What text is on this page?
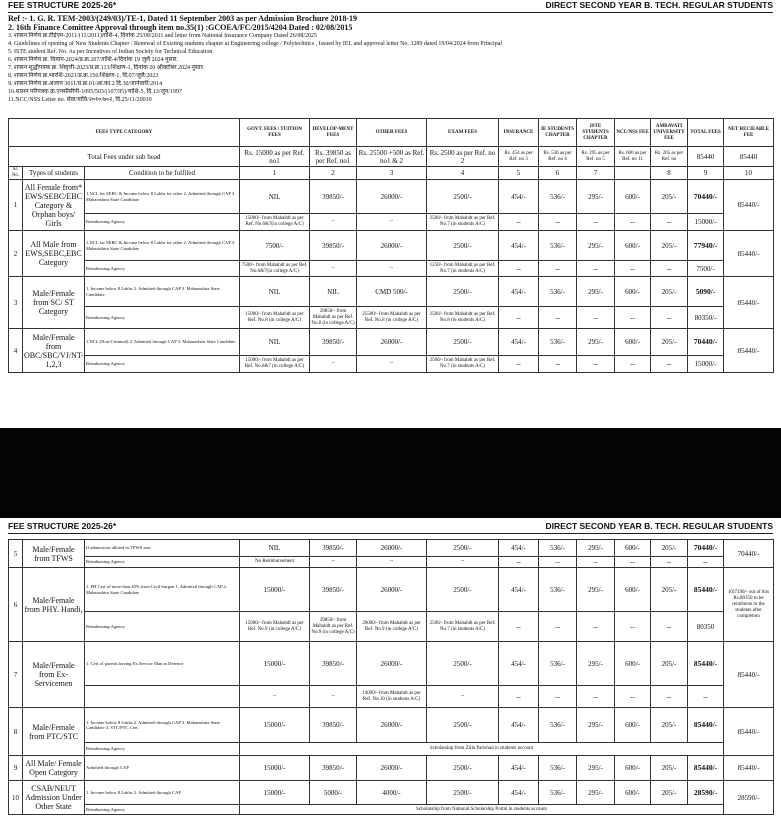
FEE STRUCTURE 2025-26*	DIRECT SECOND YEAR B. TECH. REGULAR STUDENTS
Ref :- 1. G. R. TEM-2003/(249/03)/TE-1, Dated 11 September 2003 as per Admission Brochure 2018-19
2. 16th Finance Comittee Approval through item no.35(1) :GCOEA/FC/2015/4204 Dated : 02/08/2015
3. शासन निर्णय क्र.टीईएम-2011/(11/2011)तांशि-4, दिनांक 25/08/2011 and letter from National Insurance Company Dated 26/08/2025
4. Guidelines of opening of New Students Chapter / Renewal of Existing students chapter at Engineering college / Polytechnics , Issued by IEI. and approval letter No. 3289 dated 19/04/2024 from Principal
5. ISTE student Ref. No. As per Incentives of Indian Society for Technical Education.
6. शासन निर्णय क्र. विमाग-2024/प्र.क्र.207/तांशि-4/दिनांक 19 जुलै 2024 नुसार.
7. शासन शुद्धीपत्रक क्र. शिवृत्ती-2023/प्र.क्र.113/शिक्षण-1, दिनांक 20 ऑक्टोबर 2024 नुसार.
8. शासन निर्णय क्र.भारशि-2021/प्र.क्र.156/शिक्षण-1, दि.07/जुलै/2023
9. शासन निर्णय क्र.अजाप 3011/प्र.क्र.01/आ.का.2 दि.30/जानेवारी/2014
10.शासन परिपत्रक क्र.एनसीसीपी-1095/503/(107/95)/यांशि-5, दि.13/जून/1997
11.NCC/NSS Letter no. सेवा/यांवि/२०१०/७०२, दि.25/11/20010
FEES TYPE CATEGORY			GOVT. FEES / TUITION FEES	DEVELOP-MENT FEES	OTHER FEES	EXAM FEES	INSURANCE	IE STUDENTS CHAPTER	ISTE STUDENTS CHAPTER	NCC/NSS FEE	AMRAVATI UNIVERSITY FEE	TOTAL FEES	NET RECIEABLE FEE
Total Fees under sub head			Rs. 15000 as per Ref. no1	Rs. 39850 as per Ref. no1	Rs. 25500 +500 as Ref. no1 & 2	Rs. 2500 as per Ref. no 2	Rs. 454 as per Ref. no 3	Rs. 536 as per Ref. no 4	Rs. 295 as per Ref. no 5	Rs. 600 as per Ref. no 11	Rs. 205 as per Ref. no	85440	85440
Sr. No.	Types of students	Condition to be fulfiled	1	2	3	4	5	6	7		8	9	10
1	All Female from* EWS/SEBC/EBC Category & Orphan boys/ Girls	1.NCL for SEBC & Income below 8 Lakhs for other 2. Admitted through CAP 3. Maharashtra State Candidate	NIL	39850/-	26000/-	2500/-	454/-	536/-	295/-	600/-	205/-	70440/-	85440/-
		Reimbursing Agency	15000/- from Mahabdt as per Ref. No.6&7(in college A/C)	--	--	2500/- from Mahabdt as per Ref. No.7 (in students A/C)	--	--	--	--	--	15000/-	
2	All Male from EWS,SEBC,EBC Category	1.NCL for SEBC & Income below 8 Lakhs for other 2. Admitted through CAP 3. Maharashtra State Candidate	7500/-	39850/-	26000/-	2500/-	454/-	536/-	295/-	600/-	205/-	77940/-	85440/-
		Reimbursing Agency	7500/- from Mahabdt as per Ref. No.6&7(in college A/C)	--	--	1250/- from Mahabdt as per Ref. No.7 (in students A/C)	--	--	--	--	--	7500/-	
3	Male/Female from SC/ ST Category	1. Income below 8 Lakhs 2. Admitted through CAP 3. Maharashtra State Candidate	NIL	NIL	CMD 500/-	2500/-	454/-	536/-	295/-	600/-	205/-	5090/-	85440/-
		Reimbursing Agency	15000/- from Mahabdt as per Ref. No.8 (in college A/C)	39850/- from Mahabdt as per Ref. No.8 (in college A/C)	25500/- from Mahabdt as per Ref. No.8 (in college A/C)	2500/- from Mahabdt as per Ref. No.8 (in students A/C)	--	--	--	--	--	80350/-	
4	Male/Female from OBC/SBC/VJ/NT-1,2,3	1.NCL (Non-Criminal) 2. Admitted through CAP 3. Maharashtra State Candidate	NIL	39850/-	26000/-	2500/-	454/-	536/-	295/-	600/-	205/-	70440/-	85440/-
		Reimbursing Agency	15000/- from Mahabdt as per Ref. No.6&7 (in college A/C)	--	--	2500/- from Mahabdt as per Ref. No.7 (in students A/C)	--	--	--	--	--	15000/-	
FEE STRUCTURE 2025-26*	DIRECT SECOND YEAR B. TECH. REGULAR STUDENTS
5	Male/Female from TFWS	If admissions alloted in TFWS seat	NIL	39850/-	26000/-	2500/-	454/-	536/-	295/-	600/-	205/-	70440/-	70440/-
		Reimbursing Agency	No Reimbursement	--	--	--	--	--	--	--	--	--	
6	Male/Female from PHY. Handi,	1. PH Cert of more than 40% from Civil Surgen 1. Admitted through CAP 2. Maharashtra State Candidate	15000/-	39850/-	26000/-	2500/-	454/-	536/-	295/-	600/-	205/-	85440/-	10)7190/- out of this Rs.80350 to be reimburse to the students after completion
		Reimbursing Agency	15000/- from Mahabdt as per Ref. No.9 (in college A/C)	39850/- from Mahabdt as per Ref. No.9 (in college A/C)	26000/- from Mahabdt as per Ref. No.9 (in college A/C)	2500/- from Mahabdt as per Ref. No.7 (in students A/C)	--	--	--	--	--	80350	
7	Male/Female from Ex-Servicemen	1. Cert of parents having Ex.Service Man in Defence	15000/-	39850/-	26000/-	2500/-	454/-	536/-	295/-	600/-	205/-	85440/-	85440/-
			--	--	14000/- from Mahabdt as per Ref. No.10 (in students A/C)	--	--	--	--	--	--	--	
8	Male/Female from PTC/STC	1. Income below 8 Lakhs 2. Admitted through CAP 3. Maharashtra State Candidate 4. STC/PTC Cert.	15000/-	39850/-	26000/-	2500/-	454/-	536/-	295/-	600/-	205/-	85440/-	85440/-
		Reimbursing Agency	Scholarship from Zilla Parishad in students account										
9	All Male/ Female Open Category	Admitted through CAP	15000/-	39850/-	26000/-	2500/-	454/-	536/-	295/-	600/-	205/-	85440/-	85440/-
10	CSAB/NEUT Admission Under Other State	1. Income below 8 Lakhs 2. Admitted through CAP	15000/-	5000/-	4000/-	2500/-	454/-	536/-	295/-	600/-	205/-	28590/-	28590/-
		Reimbursing Agency	Scholarship from National Scholarship Portal in students account										
